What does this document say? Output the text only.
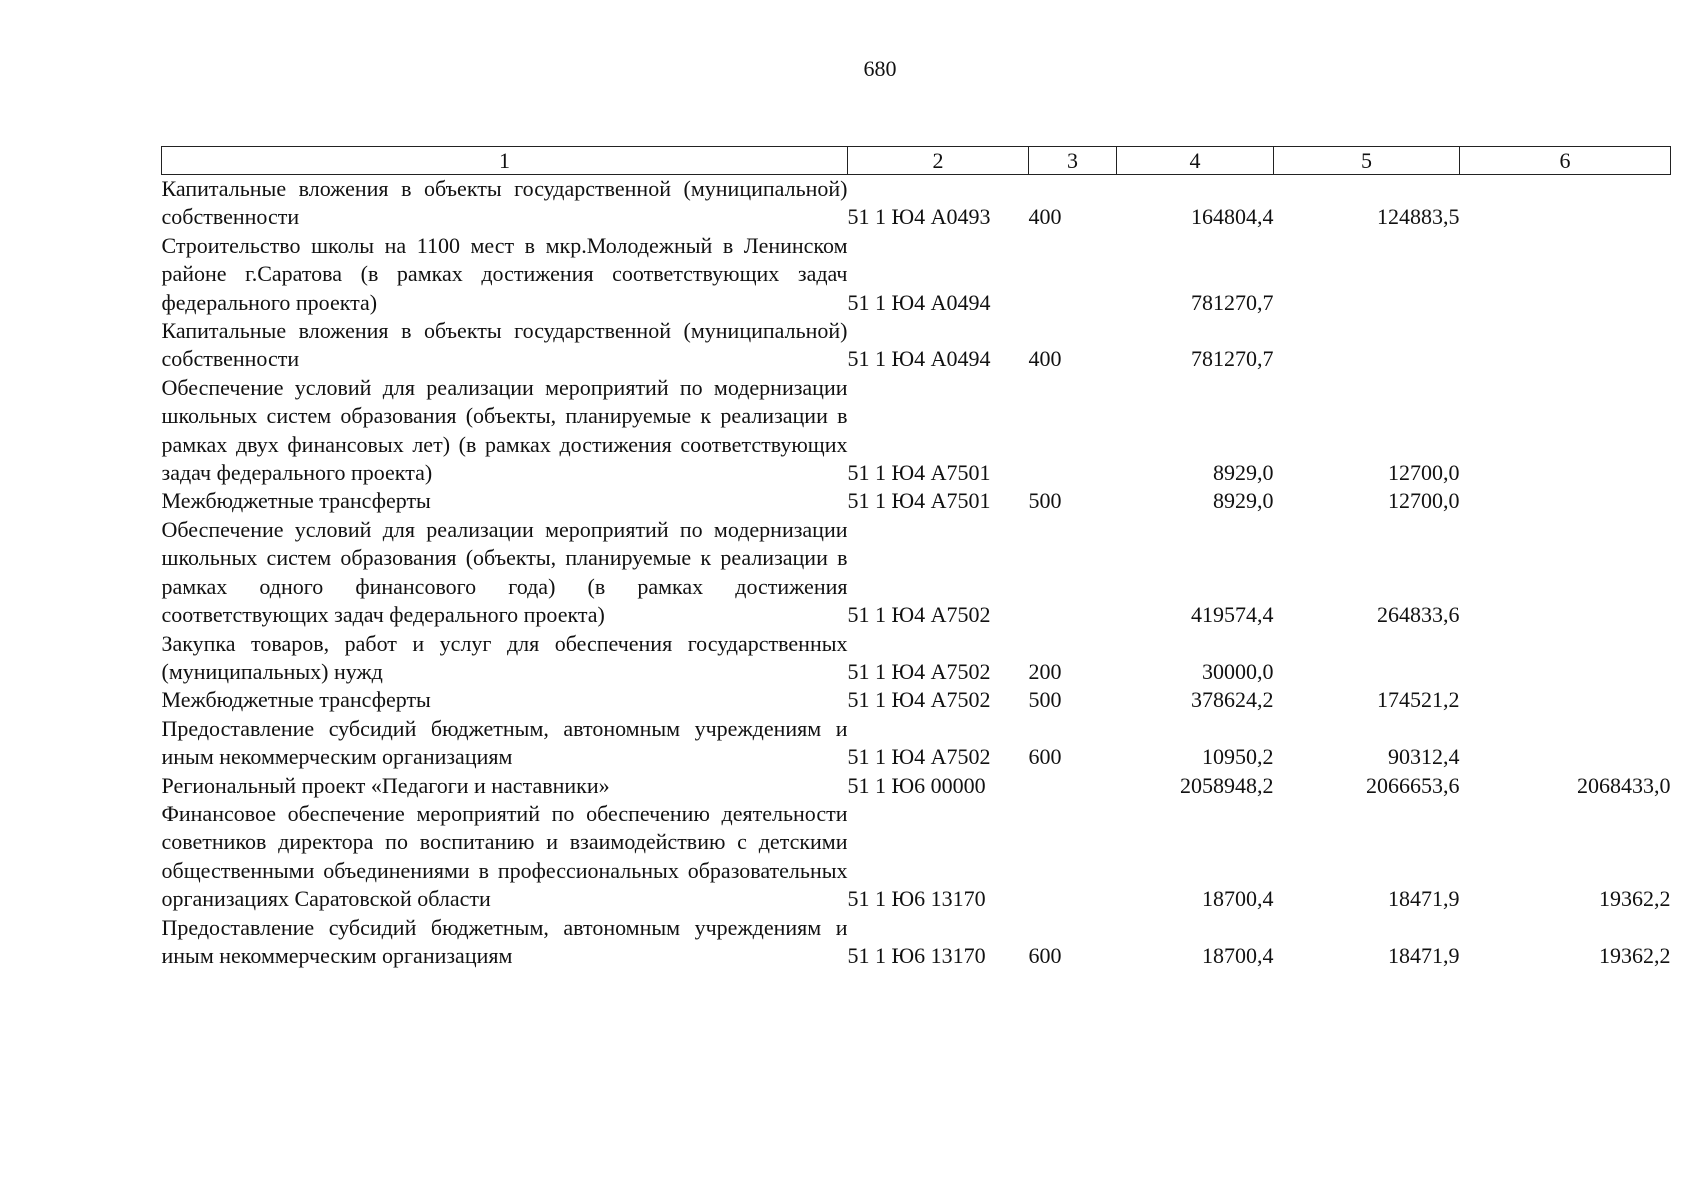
680
1	2	3	4	5	6
Капитальные вложения в объекты государственной (муниципальной) собственности	51 1 Ю4 А0493	400	164804,4	124883,5	
Строительство школы на 1100 мест в мкр.Молодежный в Ленинском районе г.Саратова (в рамках достижения соответствующих задач федерального проекта)	51 1 Ю4 А0494		781270,7		
Капитальные вложения в объекты государственной (муниципальной) собственности	51 1 Ю4 А0494	400	781270,7		
Обеспечение условий для реализации мероприятий по модернизации школьных систем образования (объекты, планируемые к реализации в рамках двух финансовых лет) (в рамках достижения соответствующих задач федерального проекта)	51 1 Ю4 А7501		8929,0	12700,0	
Межбюджетные трансферты	51 1 Ю4 А7501	500	8929,0	12700,0	
Обеспечение условий для реализации мероприятий по модернизации школьных систем образования (объекты, планируемые к реализации в рамках одного финансового года) (в рамках достижения соответствующих задач федерального проекта)	51 1 Ю4 А7502		419574,4	264833,6	
Закупка товаров, работ и услуг для обеспечения государственных (муниципальных) нужд	51 1 Ю4 А7502	200	30000,0		
Межбюджетные трансферты	51 1 Ю4 А7502	500	378624,2	174521,2	
Предоставление субсидий бюджетным, автономным учреждениям и иным некоммерческим организациям	51 1 Ю4 А7502	600	10950,2	90312,4	
Региональный проект «Педагоги и наставники»	51 1 Ю6 00000		2058948,2	2066653,6	2068433,0
Финансовое обеспечение мероприятий по обеспечению деятельности советников директора по воспитанию и взаимодействию с детскими общественными объединениями в профессиональных образовательных организациях Саратовской области	51 1 Ю6 13170		18700,4	18471,9	19362,2
Предоставление субсидий бюджетным, автономным учреждениям и иным некоммерческим организациям	51 1 Ю6 13170	600	18700,4	18471,9	19362,2
